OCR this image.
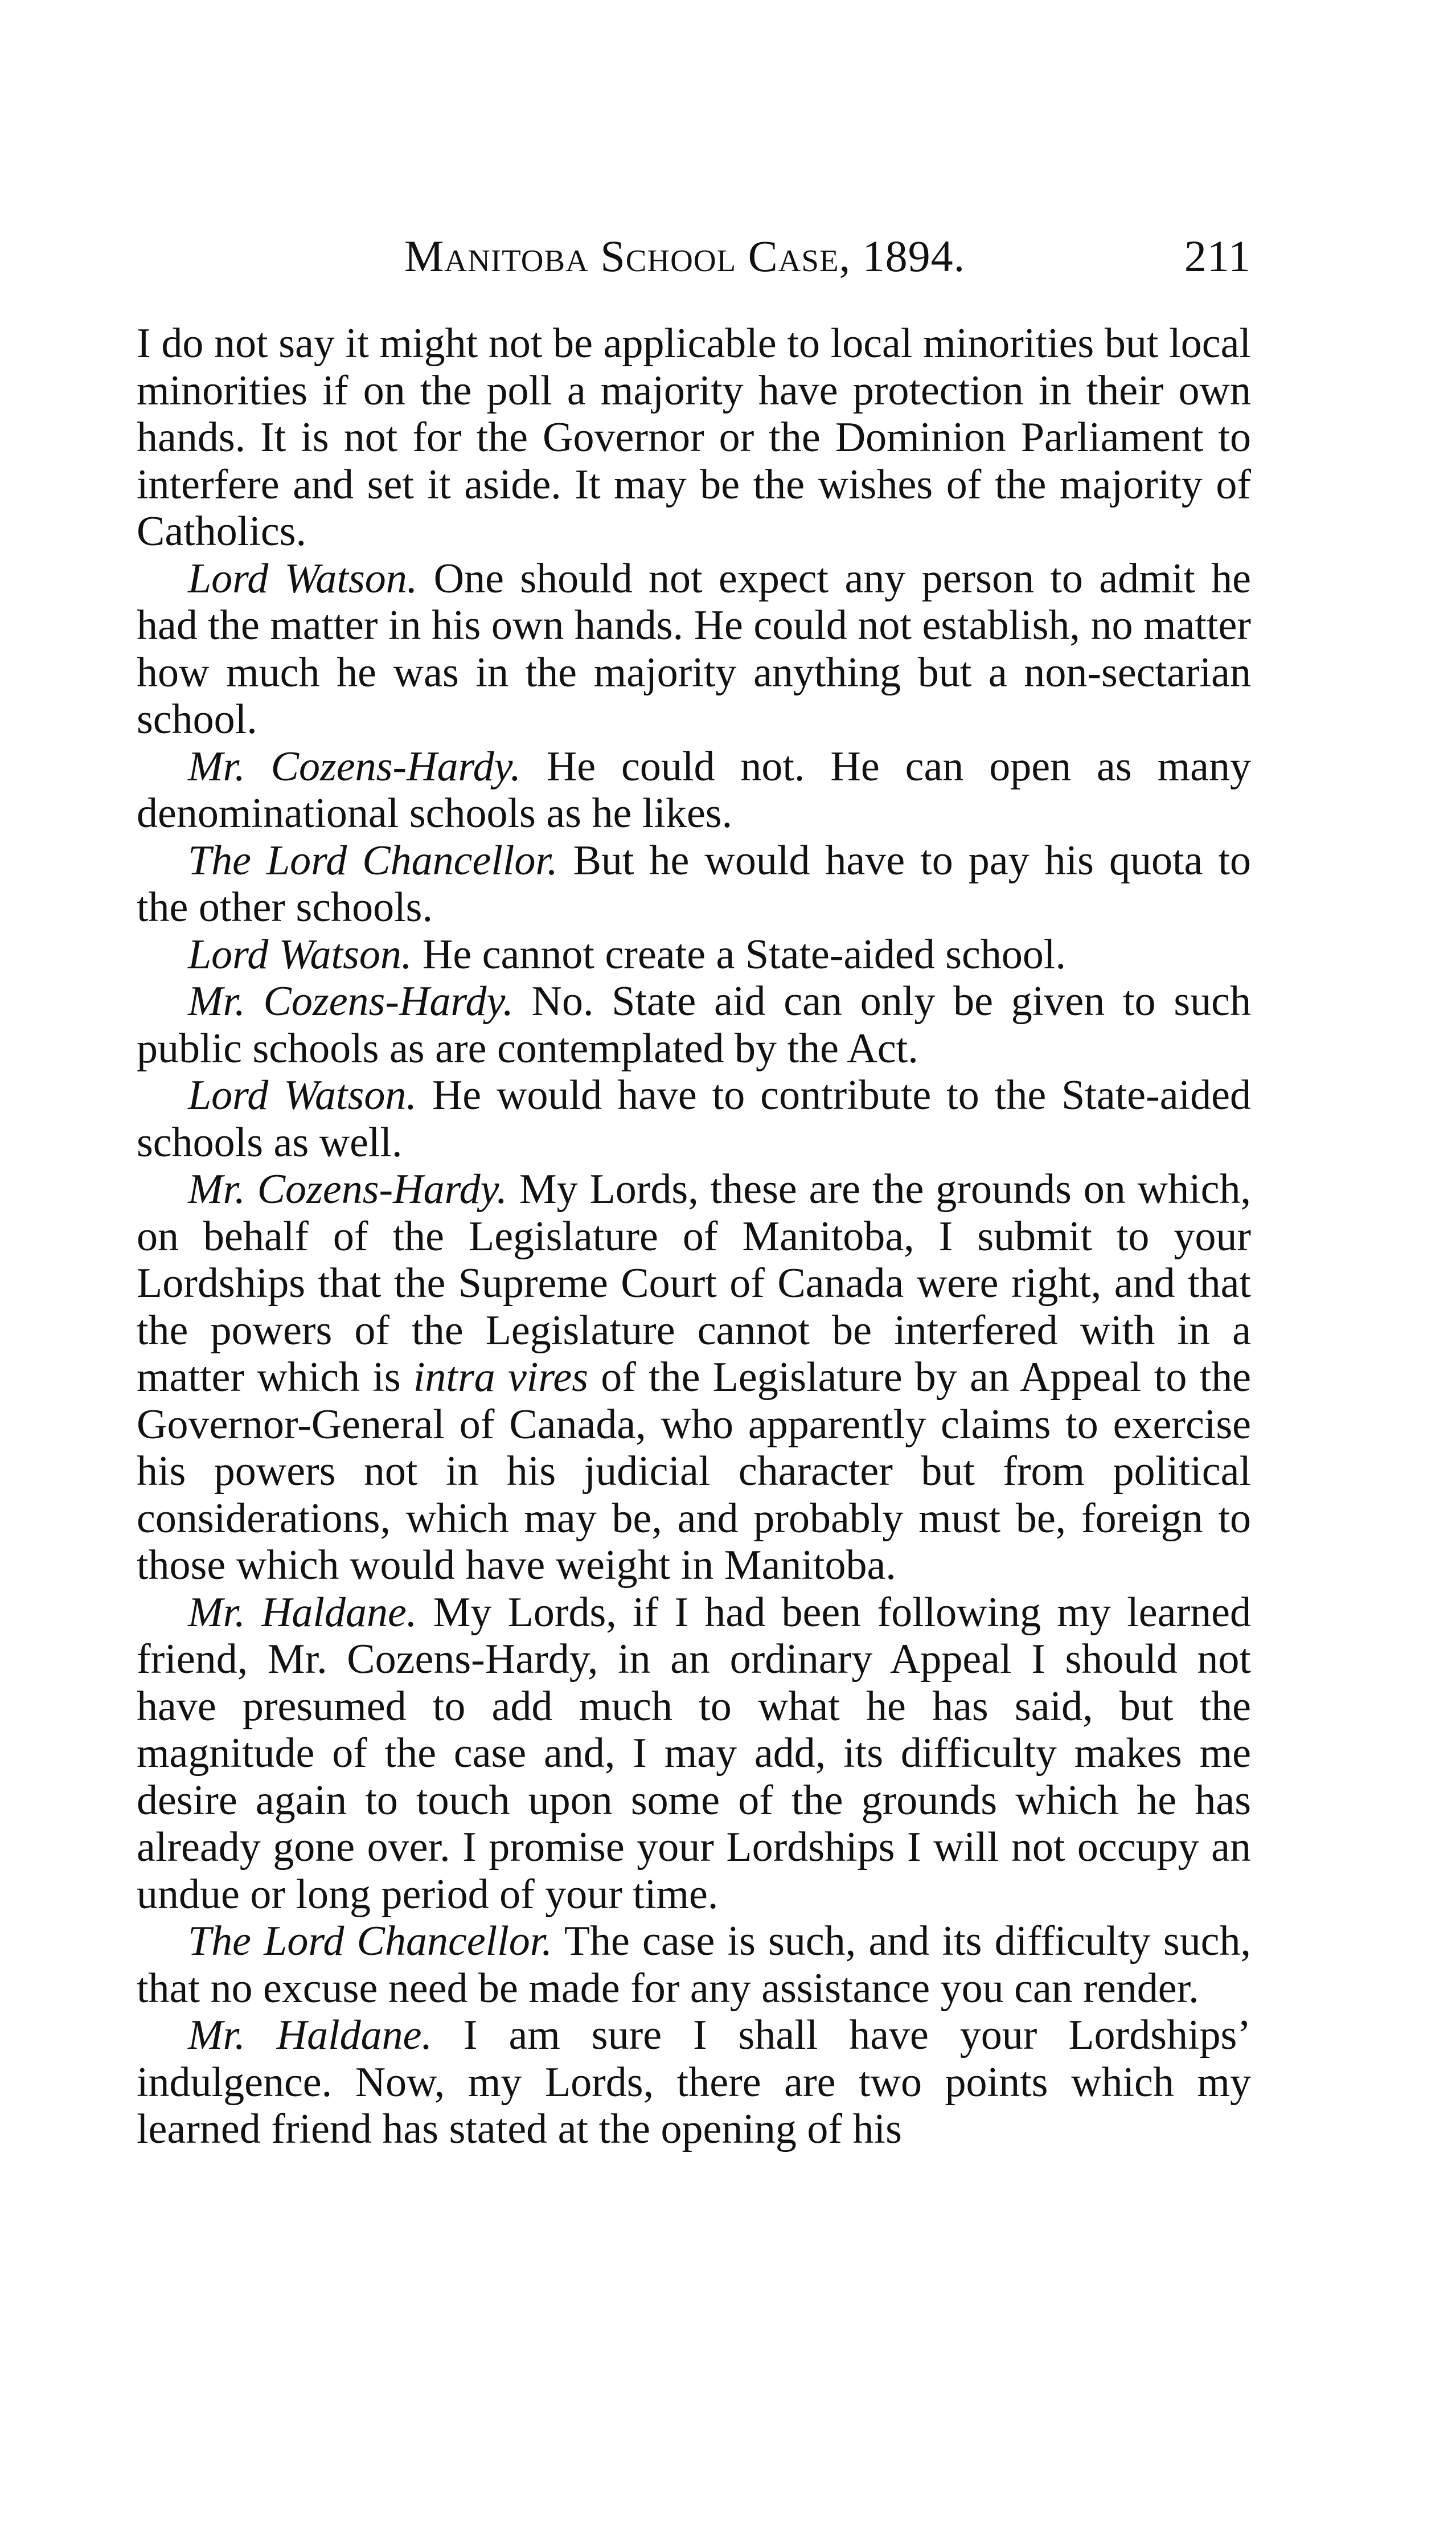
Manitoba School Case, 1894.	211

I do not say it might not be applicable to local minorities but local minorities if on the poll a majority have protection in their own hands. It is not for the Governor or the Dominion Parliament to interfere and set it aside. It may be the wishes of the majority of Catholics.

Lord Watson. One should not expect any person to admit he had the matter in his own hands. He could not establish, no matter how much he was in the majority anything but a non-sectarian school.

Mr. Cozens-Hardy. He could not. He can open as many denominational schools as he likes.

The Lord Chancellor. But he would have to pay his quota to the other schools.

Lord Watson. He cannot create a State-aided school.

Mr. Cozens-Hardy. No. State aid can only be given to such public schools as are contemplated by the Act.

Lord Watson. He would have to contribute to the State-aided schools as well.

Mr. Cozens-Hardy. My Lords, these are the grounds on which, on behalf of the Legislature of Manitoba, I submit to your Lordships that the Supreme Court of Canada were right, and that the powers of the Legislature cannot be interfered with in a matter which is intra vires of the Legislature by an Appeal to the Governor-General of Canada, who apparently claims to exercise his powers not in his judicial character but from political considerations, which may be, and probably must be, foreign to those which would have weight in Manitoba.

Mr. Haldane. My Lords, if I had been following my learned friend, Mr. Cozens-Hardy, in an ordinary Appeal I should not have presumed to add much to what he has said, but the magnitude of the case and, I may add, its difficulty makes me desire again to touch upon some of the grounds which he has already gone over. I promise your Lordships I will not occupy an undue or long period of your time.

The Lord Chancellor. The case is such, and its difficulty such, that no excuse need be made for any assistance you can render.

Mr. Haldane. I am sure I shall have your Lordships’ indulgence. Now, my Lords, there are two points which my learned friend has stated at the opening of his
